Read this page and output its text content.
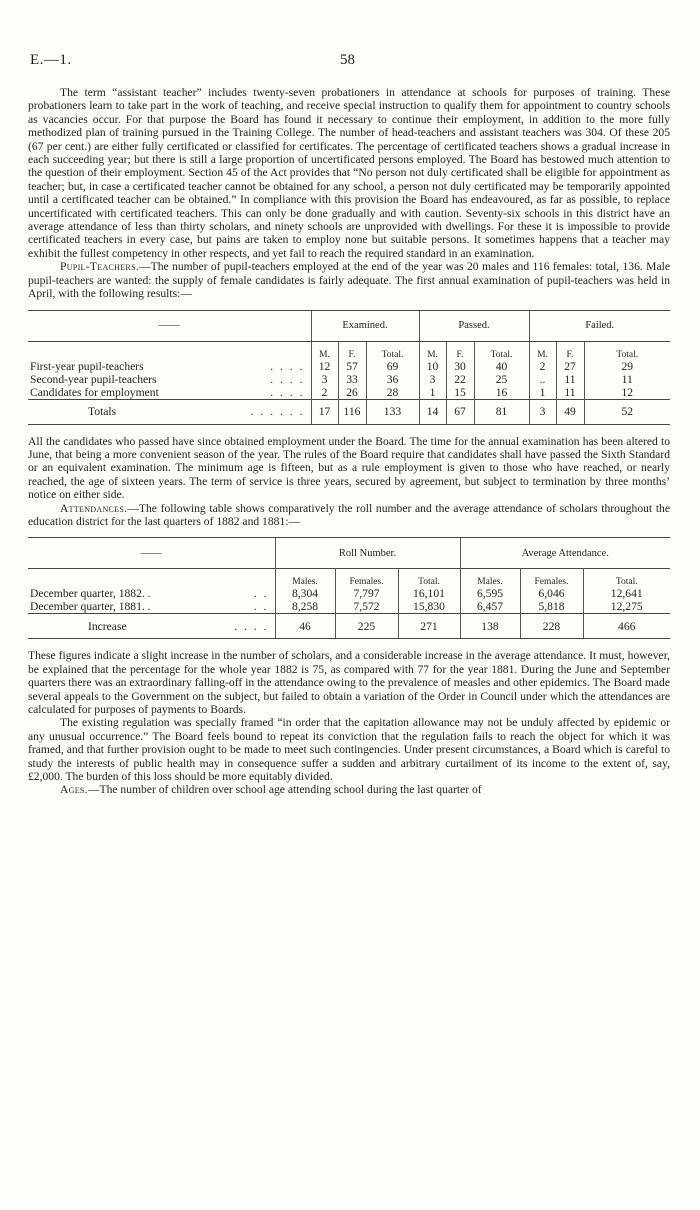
E.—1.	58

The term “assistant teacher” includes twenty-seven probationers in attendance at schools for purposes of training. These probationers learn to take part in the work of teaching, and receive special instruction to qualify them for appointment to country schools as vacancies occur. For that purpose the Board has found it necessary to continue their employment, in addition to the more fully methodized plan of training pursued in the Training College. The number of head-teachers and assistant teachers was 304. Of these 205 (67 per cent.) are either fully certificated or classified for certificates. The percentage of certificated teachers shows a gradual increase in each succeeding year; but there is still a large proportion of uncertificated persons employed. The Board has bestowed much attention to the question of their employment. Section 45 of the Act provides that “No person not duly certificated shall be eligible for appointment as teacher; but, in case a certificated teacher cannot be obtained for any school, a person not duly certificated may be temporarily appointed until a certificated teacher can be obtained.” In compliance with this provision the Board has endeavoured, as far as possible, to replace uncertificated with certificated teachers. This can only be done gradually and with caution. Seventy-six schools in this district have an average attendance of less than thirty scholars, and ninety schools are unprovided with dwellings. For these it is impossible to provide certificated teachers in every case, but pains are taken to employ none but suitable persons. It sometimes happens that a teacher may exhibit the fullest competency in other respects, and yet fail to reach the required standard in an examination.

Pupil-Teachers.—The number of pupil-teachers employed at the end of the year was 20 males and 116 females: total, 136. Male pupil-teachers are wanted: the supply of female candidates is fairly adequate. The first annual examination of pupil-teachers was held in April, with the following results:—

——		Examined.			Passed.			Failed.		
		M.	F.	Total.	M.	F.	Total.	M.	F.	Total.
First-year pupil-teachers	. . . .	12	57	69	10	30	40	2	27	29
Second-year pupil-teachers	. . . .	3	33	36	3	22	25	..	11	11
Candidates for employment	. . . .	2	26	28	1	15	16	1	11	12
Totals	. . . . . .	17	116	133	14	67	81	3	49	52

All the candidates who passed have since obtained employment under the Board. The time for the annual examination has been altered to June, that being a more convenient season of the year. The rules of the Board require that candidates shall have passed the Sixth Standard or an equivalent examination. The minimum age is fifteen, but as a rule employment is given to those who have reached, or nearly reached, the age of sixteen years. The term of service is three years, secured by agreement, but subject to termination by three months’ notice on either side.

Attendances.—The following table shows comparatively the roll number and the average attendance of scholars throughout the education district for the last quarters of 1882 and 1881:—

——		Roll Number.			Average Attendance.		
		Males.	Females.	Total.	Males.	Females.	Total.
December quarter, 1882. .	. .	8,304	7,797	16,101	6,595	6,046	12,641
December quarter, 1881. .	. .	8,258	7,572	15,830	6,457	5,818	12,275
Increase	. . . .	46	225	271	138	228	466

These figures indicate a slight increase in the number of scholars, and a considerable increase in the average attendance. It must, however, be explained that the percentage for the whole year 1882 is 75, as compared with 77 for the year 1881. During the June and September quarters there was an extraordinary falling-off in the attendance owing to the prevalence of measles and other epidemics. The Board made several appeals to the Government on the subject, but failed to obtain a variation of the Order in Council under which the attendances are calculated for purposes of payments to Boards.

The existing regulation was specially framed “in order that the capitation allowance may not be unduly affected by epidemic or any unusual occurrence.” The Board feels bound to repeat its conviction that the regulation fails to reach the object for which it was framed, and that further provision ought to be made to meet such contingencies. Under present circumstances, a Board which is careful to study the interests of public health may in consequence suffer a sudden and arbitrary curtailment of its income to the extent of, say, £2,000. The burden of this loss should be more equitably divided.

Ages.—The number of children over school age attending school during the last quarter of
